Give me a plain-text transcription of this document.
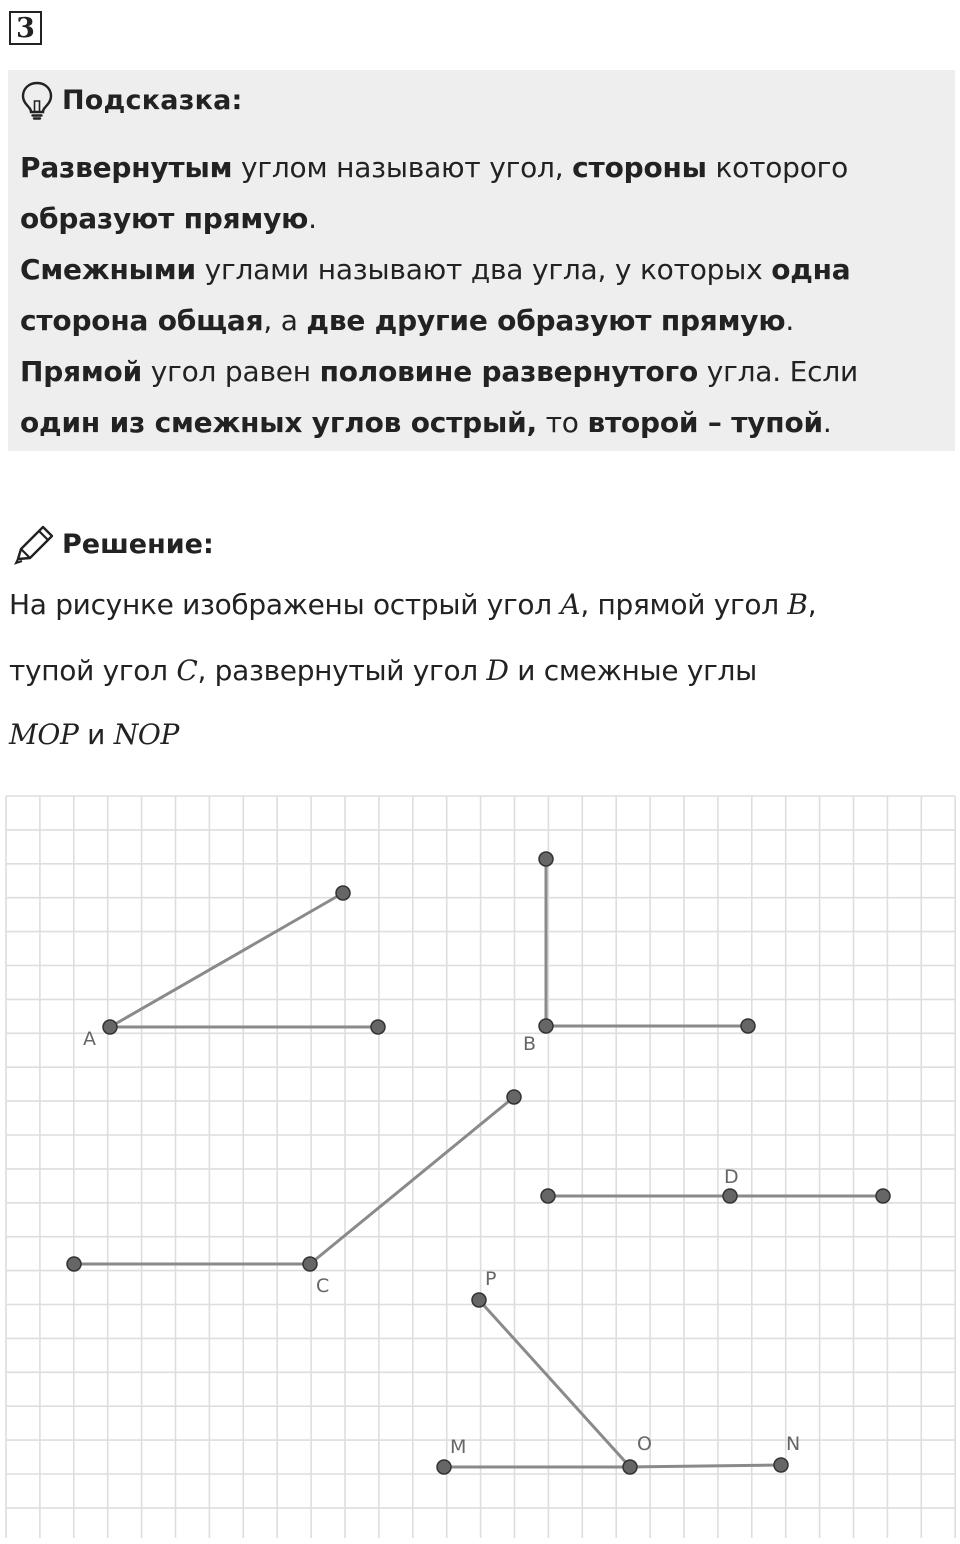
3
Подсказка:
Развернутым углом называют угол, стороны которого
образуют прямую.
Смежными углами называют два угла, у которых одна
сторона общая, а две другие образуют прямую.
Прямой угол равен половине развернутого угла. Если
один из смежных углов острый, то второй – тупой.
Решение:
На рисунке изображены острый угол A, прямой угол B,
тупой угол C, развернутый угол D и смежные углы
MOP и NOP
A	B
C
D
P
M	O	N
